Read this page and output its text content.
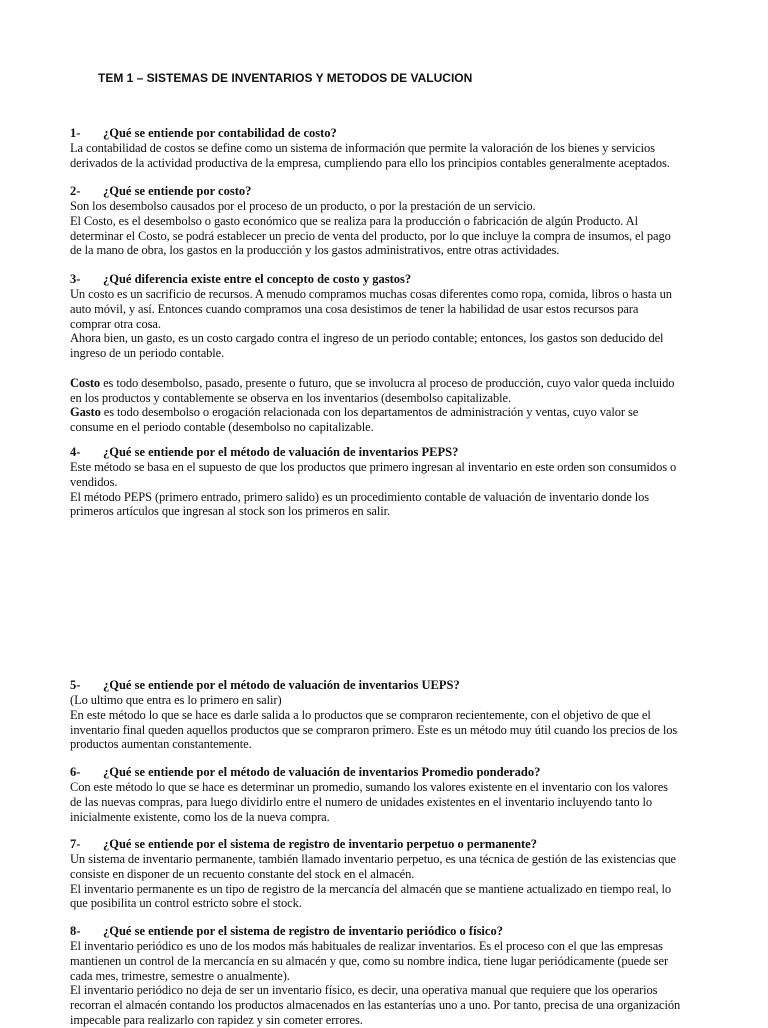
TEM 1 – SISTEMAS DE INVENTARIOS Y METODOS DE VALUCION
1-	¿Qué se entiende por contabilidad de costo?

La contabilidad de costos se define como un sistema de información que permite la valoración de los bienes y servicios

derivados de la actividad productiva de la empresa, cumpliendo para ello los principios contables generalmente aceptados.

2-	¿Qué se entiende por costo?

Son los desembolso causados por el proceso de un producto, o por la prestación de un servicio.

El Costo, es el desembolso o gasto económico que se realiza para la producción o fabricación de algún Producto. Al

determinar el Costo, se podrá establecer un precio de venta del producto, por lo que incluye la compra de insumos, el pago

de la mano de obra, los gastos en la producción y los gastos administrativos, entre otras actividades.

3-	¿Qué diferencia existe entre el concepto de costo y gastos?

Un costo es un sacrificio de recursos. A menudo compramos muchas cosas diferentes como ropa, comida, libros o hasta un

auto móvil, y así. Entonces cuando compramos una cosa desistimos de tener la habilidad de usar estos recursos para

comprar otra cosa.

Ahora bien, un gasto, es un costo cargado contra el ingreso de un periodo contable; entonces, los gastos son deducido del

ingreso de un periodo contable.

Costo es todo desembolso, pasado, presente o futuro, que se involucra al proceso de producción, cuyo valor queda incluido

en los productos y contablemente se observa en los inventarios (desembolso capitalizable.

Gasto es todo desembolso o erogación relacionada con los departamentos de administración y ventas, cuyo valor se

consume en el periodo contable (desembolso no capitalizable.

4-	¿Qué se entiende por el método de valuación de inventarios PEPS?

Este método se basa en el supuesto de que los productos que primero ingresan al inventario en este orden son consumidos o

vendidos.

El método PEPS (primero entrado, primero salido) es un procedimiento contable de valuación de inventario donde los

primeros artículos que ingresan al stock son los primeros en salir.

5-	¿Qué se entiende por el método de valuación de inventarios UEPS?

(Lo ultimo que entra es lo primero en salir)

En este método lo que se hace es darle salida a lo productos que se compraron recientemente, con el objetivo de que el

inventario final queden aquellos productos que se compraron primero. Este es un método muy útil cuando los precios de los

productos aumentan constantemente.

6-	¿Qué se entiende por el método de valuación de inventarios Promedio ponderado?

Con este método lo que se hace es determinar un promedio, sumando los valores existente en el inventario con los valores

de las nuevas compras, para luego dividirlo entre el numero de unidades existentes en el inventario incluyendo tanto lo

inicialmente existente, como los de la nueva compra.

7-	¿Qué se entiende por el sistema de registro de inventario perpetuo o permanente?

Un sistema de inventario permanente, también llamado inventario perpetuo, es una técnica de gestión de las existencias que

consiste en disponer de un recuento constante del stock en el almacén.

El inventario permanente es un tipo de registro de la mercancía del almacén que se mantiene actualizado en tiempo real, lo

que posibilita un control estricto sobre el stock.

8-	¿Qué se entiende por el sistema de registro de inventario periódico o físico?

El inventario periódico es uno de los modos más habituales de realizar inventarios. Es el proceso con el que las empresas

mantienen un control de la mercancía en su almacén y que, como su nombre indica, tiene lugar periódicamente (puede ser

cada mes, trimestre, semestre o anualmente).

El inventario periódico no deja de ser un inventario físico, es decir, una operativa manual que requiere que los operarios

recorran el almacén contando los productos almacenados en las estanterías uno a uno. Por tanto, precisa de una organización

impecable para realizarlo con rapidez y sin cometer errores.
